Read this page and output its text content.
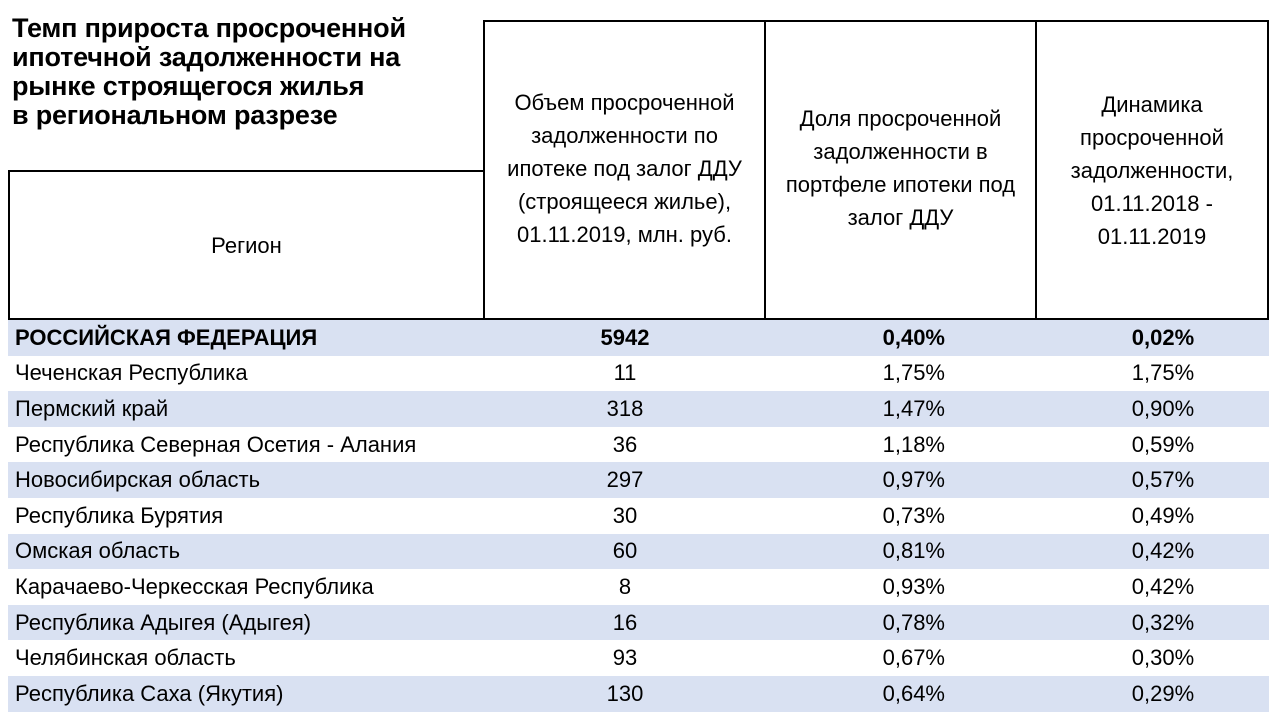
Темп прироста просроченной
ипотечной задолженности на
рынке строящегося жилья
в региональном разрезе
Регион
Объем просроченной
задолженности по
ипотеке под залог ДДУ
(строящееся жилье),
01.11.2019, млн. руб.
Доля просроченной
задолженности в
портфеле ипотеки под
залог ДДУ
Динамика
просроченной
задолженности,
01.11.2018 -
01.11.2019
РОССИЙСКАЯ ФЕДЕРАЦИЯ	5942	0,40%	0,02%
Чеченская Республика	11	1,75%	1,75%
Пермский край	318	1,47%	0,90%
Республика Северная Осетия - Алания	36	1,18%	0,59%
Новосибирская область	297	0,97%	0,57%
Республика Бурятия	30	0,73%	0,49%
Омская область	60	0,81%	0,42%
Карачаево-Черкесская Республика	8	0,93%	0,42%
Республика Адыгея (Адыгея)	16	0,78%	0,32%
Челябинская область	93	0,67%	0,30%
Республика Саха (Якутия)	130	0,64%	0,29%
